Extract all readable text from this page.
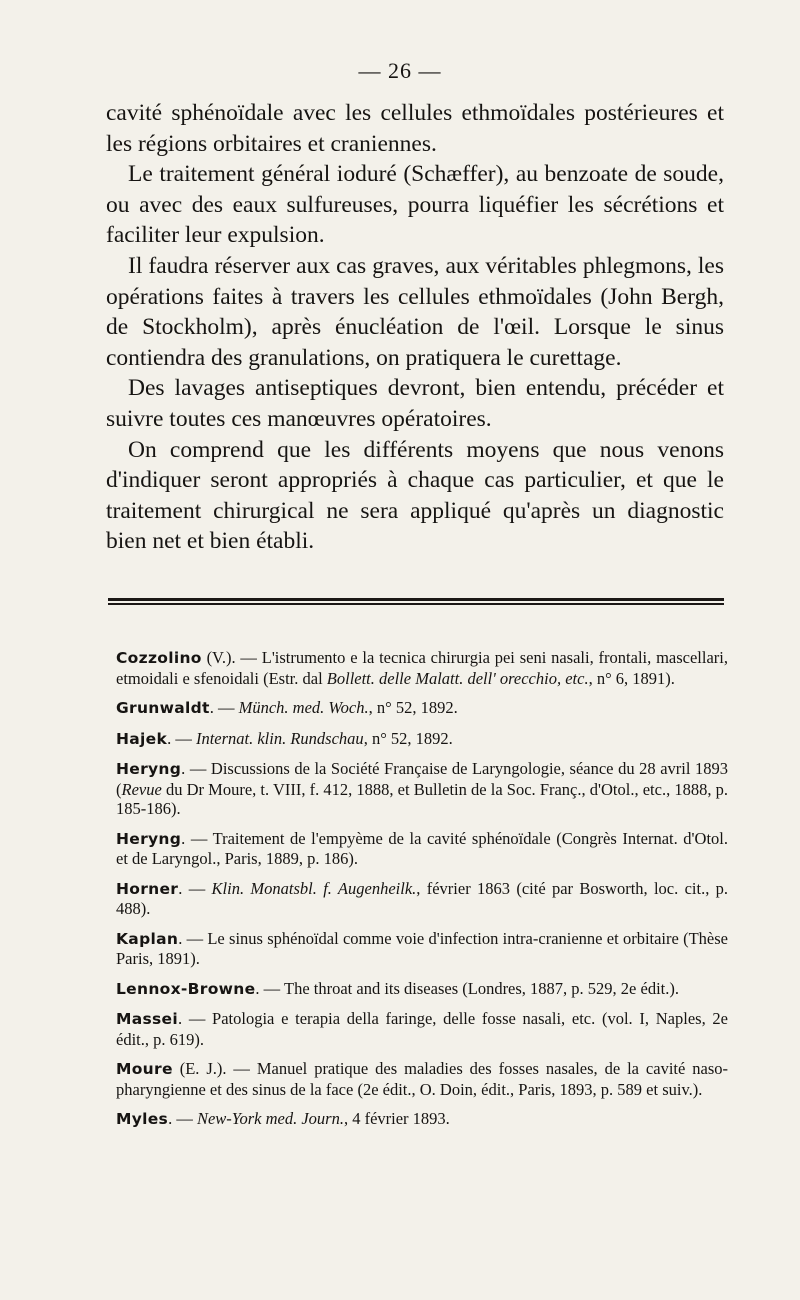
— 26 —

cavité sphénoïdale avec les cellules ethmoïdales postérieures et les régions orbitaires et craniennes.

Le traitement général ioduré (Schæffer), au benzoate de soude, ou avec des eaux sulfureuses, pourra liquéfier les sécrétions et faciliter leur expulsion.

Il faudra réserver aux cas graves, aux véritables phlegmons, les opérations faites à travers les cellules ethmoïdales (John Bergh, de Stockholm), après énucléation de l'œil. Lorsque le sinus contiendra des granulations, on pratiquera le curettage.

Des lavages antiseptiques devront, bien entendu, précéder et suivre toutes ces manœuvres opératoires.

On comprend que les différents moyens que nous venons d'indiquer seront appropriés à chaque cas particulier, et que le traitement chirurgical ne sera appliqué qu'après un diagnostic bien net et bien établi.

Cozzolino (V.). — L'istrumento e la tecnica chirurgia pei seni nasali, frontali, mascellari, etmoidali e sfenoidali (Estr. dal Bollett. delle Malatt. dell' orecchio, etc., n° 6, 1891).
Grunwaldt. — Münch. med. Woch., n° 52, 1892.
Hajek. — Internat. klin. Rundschau, n° 52, 1892.
Heryng. — Discussions de la Société Française de Laryngologie, séance du 28 avril 1893 (Revue du Dr Moure, t. VIII, f. 412, 1888, et Bulletin de la Soc. Franç., d'Otol., etc., 1888, p. 185-186).
Heryng. — Traitement de l'empyème de la cavité sphénoïdale (Congrès Internat. d'Otol. et de Laryngol., Paris, 1889, p. 186).
Horner. — Klin. Monatsbl. f. Augenheilk., février 1863 (cité par Bosworth, loc. cit., p. 488).
Kaplan. — Le sinus sphénoïdal comme voie d'infection intra-cranienne et orbitaire (Thèse Paris, 1891).
Lennox-Browne. — The throat and its diseases (Londres, 1887, p. 529, 2e édit.).
Massei. — Patologia e terapia della faringe, delle fosse nasali, etc. (vol. I, Naples, 2e édit., p. 619).
Moure (E. J.). — Manuel pratique des maladies des fosses nasales, de la cavité naso-pharyngienne et des sinus de la face (2e édit., O. Doin, édit., Paris, 1893, p. 589 et suiv.).
Myles. — New-York med. Journ., 4 février 1893.
